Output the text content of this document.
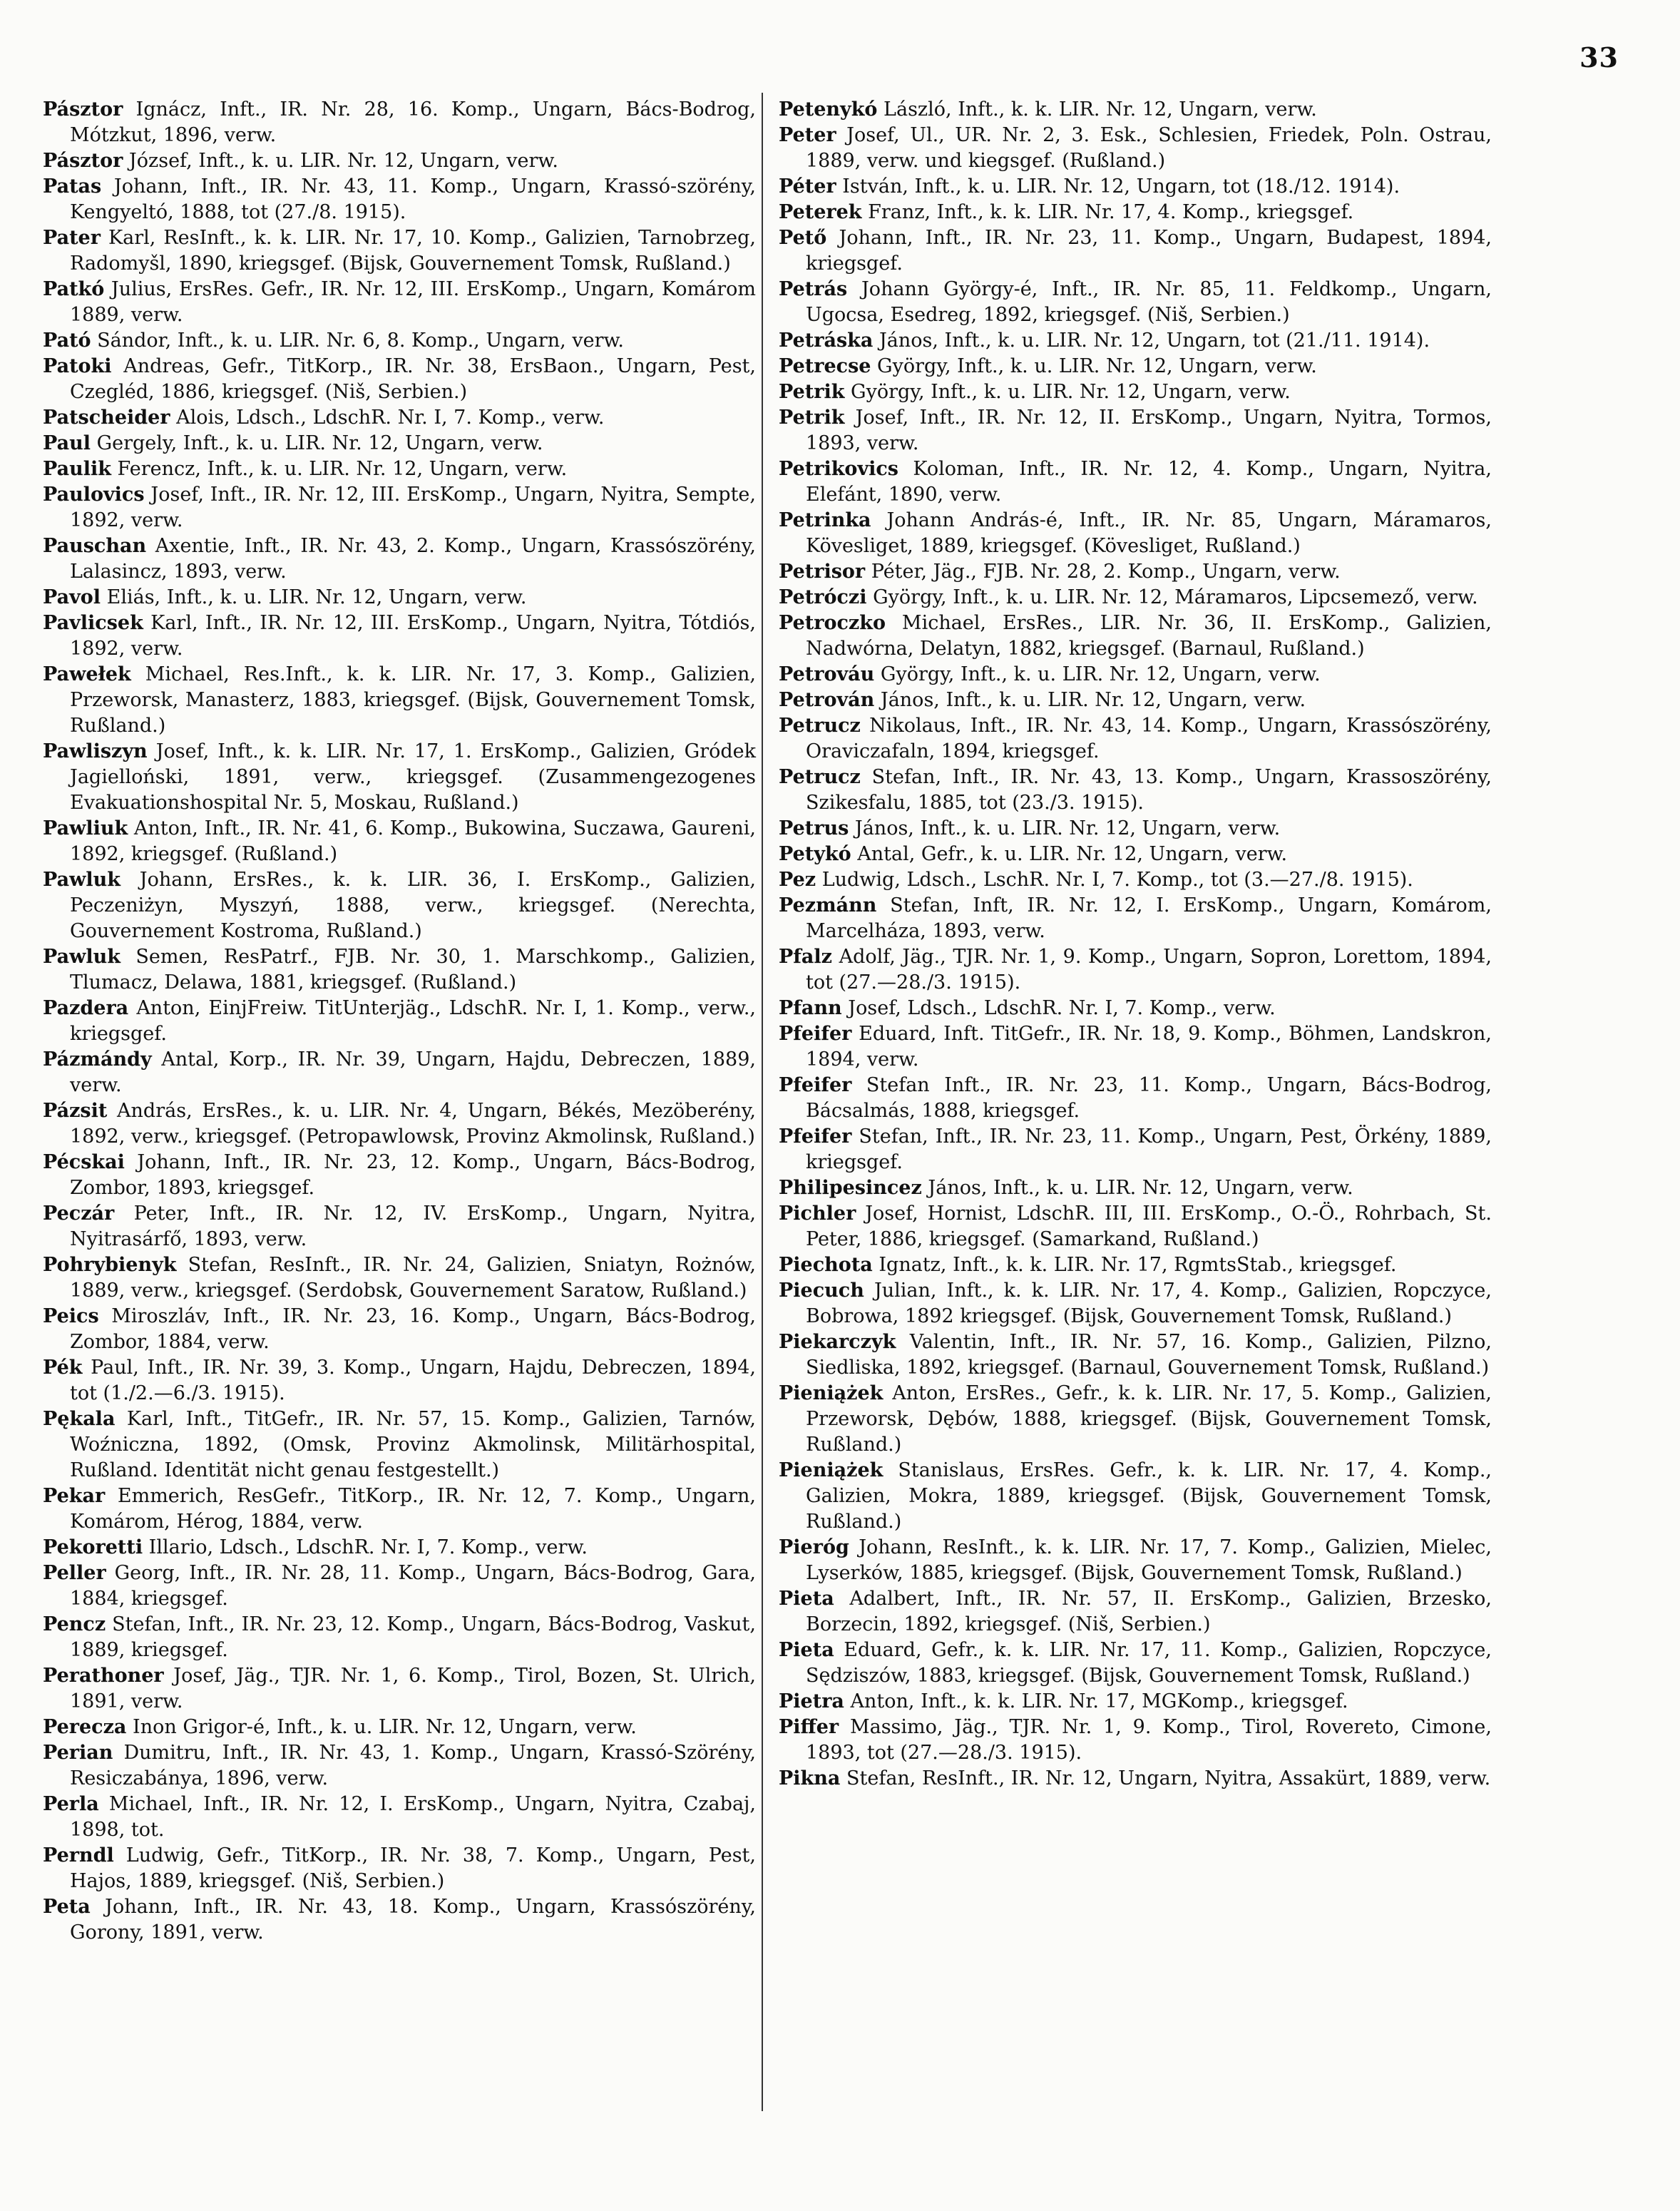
33
Pásztor Ignácz, Inft., IR. Nr. 28, 16. Komp., Ungarn, Bács-Bodrog, Mótzkut, 1896, verw.
Pásztor József, Inft., k. u. LIR. Nr. 12, Ungarn, verw.
Patas Johann, Inft., IR. Nr. 43, 11. Komp., Ungarn, Krassó-szörény, Kengyeltó, 1888, tot (27./8. 1915).
Pater Karl, ResInft., k. k. LIR. Nr. 17, 10. Komp., Galizien, Tarnobrzeg, Radomyšl, 1890, kriegsgef. (Bijsk, Gouvernement Tomsk, Rußland.)
Patkó Julius, ErsRes. Gefr., IR. Nr. 12, III. ErsKomp., Ungarn, Komárom 1889, verw.
Pató Sándor, Inft., k. u. LIR. Nr. 6, 8. Komp., Ungarn, verw.
Patoki Andreas, Gefr., TitKorp., IR. Nr. 38, ErsBaon., Ungarn, Pest, Czegléd, 1886, kriegsgef. (Niš, Serbien.)
Patscheider Alois, Ldsch., LdschR. Nr. I, 7. Komp., verw.
Paul Gergely, Inft., k. u. LIR. Nr. 12, Ungarn, verw.
Paulik Ferencz, Inft., k. u. LIR. Nr. 12, Ungarn, verw.
Paulovics Josef, Inft., IR. Nr. 12, III. ErsKomp., Ungarn, Nyitra, Sempte, 1892, verw.
Pauschan Axentie, Inft., IR. Nr. 43, 2. Komp., Ungarn, Krassószörény, Lalasincz, 1893, verw.
Pavol Eliás, Inft., k. u. LIR. Nr. 12, Ungarn, verw.
Pavlicsek Karl, Inft., IR. Nr. 12, III. ErsKomp., Ungarn, Nyitra, Tótdiós, 1892, verw.
Pawełek Michael, Res.Inft., k. k. LIR. Nr. 17, 3. Komp., Galizien, Przeworsk, Manasterz, 1883, kriegsgef. (Bijsk, Gouvernement Tomsk, Rußland.)
Pawliszyn Josef, Inft., k. k. LIR. Nr. 17, 1. ErsKomp., Galizien, Gródek Jagielloński, 1891, verw., kriegsgef. (Zusammengezogenes Evakuationshospital Nr. 5, Moskau, Rußland.)
Pawliuk Anton, Inft., IR. Nr. 41, 6. Komp., Bukowina, Suczawa, Gaureni, 1892, kriegsgef. (Rußland.)
Pawluk Johann, ErsRes., k. k. LIR. 36, I. ErsKomp., Galizien, Peczeniżyn, Myszyń, 1888, verw., kriegsgef. (Nerechta, Gouvernement Kostroma, Rußland.)
Pawluk Semen, ResPatrf., FJB. Nr. 30, 1. Marschkomp., Galizien, Tlumacz, Delawa, 1881, kriegsgef. (Rußland.)
Pazdera Anton, EinjFreiw. TitUnterjäg., LdschR. Nr. I, 1. Komp., verw., kriegsgef.
Pázmándy Antal, Korp., IR. Nr. 39, Ungarn, Hajdu, Debreczen, 1889, verw.
Pázsit András, ErsRes., k. u. LIR. Nr. 4, Ungarn, Békés, Mezöberény, 1892, verw., kriegsgef. (Petropawlowsk, Provinz Akmolinsk, Rußland.)
Pécskai Johann, Inft., IR. Nr. 23, 12. Komp., Ungarn, Bács-Bodrog, Zombor, 1893, kriegsgef.
Peczár Peter, Inft., IR. Nr. 12, IV. ErsKomp., Ungarn, Nyitra, Nyitrasárfő, 1893, verw.
Pohrybienyk Stefan, ResInft., IR. Nr. 24, Galizien, Sniatyn, Rożnów, 1889, verw., kriegsgef. (Serdobsk, Gouvernement Saratow, Rußland.)
Peics Miroszláv, Inft., IR. Nr. 23, 16. Komp., Ungarn, Bács-Bodrog, Zombor, 1884, verw.
Pék Paul, Inft., IR. Nr. 39, 3. Komp., Ungarn, Hajdu, Debreczen, 1894, tot (1./2.—6./3. 1915).
Pękala Karl, Inft., TitGefr., IR. Nr. 57, 15. Komp., Galizien, Tarnów, Woźniczna, 1892, (Omsk, Provinz Akmolinsk, Militärhospital, Rußland. Identität nicht genau festgestellt.)
Pekar Emmerich, ResGefr., TitKorp., IR. Nr. 12, 7. Komp., Ungarn, Komárom, Hérog, 1884, verw.
Pekoretti Illario, Ldsch., LdschR. Nr. I, 7. Komp., verw.
Peller Georg, Inft., IR. Nr. 28, 11. Komp., Ungarn, Bács-Bodrog, Gara, 1884, kriegsgef.
Pencz Stefan, Inft., IR. Nr. 23, 12. Komp., Ungarn, Bács-Bodrog, Vaskut, 1889, kriegsgef.
Perathoner Josef, Jäg., TJR. Nr. 1, 6. Komp., Tirol, Bozen, St. Ulrich, 1891, verw.
Perecza Inon Grigor-é, Inft., k. u. LIR. Nr. 12, Ungarn, verw.
Perian Dumitru, Inft., IR. Nr. 43, 1. Komp., Ungarn, Krassó-Szörény, Resiczabánya, 1896, verw.
Perla Michael, Inft., IR. Nr. 12, I. ErsKomp., Ungarn, Nyitra, Czabaj, 1898, tot.
Perndl Ludwig, Gefr., TitKorp., IR. Nr. 38, 7. Komp., Ungarn, Pest, Hajos, 1889, kriegsgef. (Niš, Serbien.)
Peta Johann, Inft., IR. Nr. 43, 18. Komp., Ungarn, Krassószörény, Gorony, 1891, verw.
Petenykó László, Inft., k. k. LIR. Nr. 12, Ungarn, verw.
Peter Josef, Ul., UR. Nr. 2, 3. Esk., Schlesien, Friedek, Poln. Ostrau, 1889, verw. und kiegsgef. (Rußland.)
Péter István, Inft., k. u. LIR. Nr. 12, Ungarn, tot (18./12. 1914).
Peterek Franz, Inft., k. k. LIR. Nr. 17, 4. Komp., kriegsgef.
Pető Johann, Inft., IR. Nr. 23, 11. Komp., Ungarn, Budapest, 1894, kriegsgef.
Petrás Johann György-é, Inft., IR. Nr. 85, 11. Feldkomp., Ungarn, Ugocsa, Esedreg, 1892, kriegsgef. (Niš, Serbien.)
Petráska János, Inft., k. u. LIR. Nr. 12, Ungarn, tot (21./11. 1914).
Petrecse György, Inft., k. u. LIR. Nr. 12, Ungarn, verw.
Petrik György, Inft., k. u. LIR. Nr. 12, Ungarn, verw.
Petrik Josef, Inft., IR. Nr. 12, II. ErsKomp., Ungarn, Nyitra, Tormos, 1893, verw.
Petrikovics Koloman, Inft., IR. Nr. 12, 4. Komp., Ungarn, Nyitra, Elefánt, 1890, verw.
Petrinka Johann András-é, Inft., IR. Nr. 85, Ungarn, Máramaros, Kövesliget, 1889, kriegsgef. (Kövesliget, Rußland.)
Petrisor Péter, Jäg., FJB. Nr. 28, 2. Komp., Ungarn, verw.
Petróczi György, Inft., k. u. LIR. Nr. 12, Máramaros, Lipcsemező, verw.
Petroczko Michael, ErsRes., LIR. Nr. 36, II. ErsKomp., Galizien, Nadwórna, Delatyn, 1882, kriegsgef. (Barnaul, Rußland.)
Petrováu György, Inft., k. u. LIR. Nr. 12, Ungarn, verw.
Petrován János, Inft., k. u. LIR. Nr. 12, Ungarn, verw.
Petrucz Nikolaus, Inft., IR. Nr. 43, 14. Komp., Ungarn, Krassószörény, Oraviczafaln, 1894, kriegsgef.
Petrucz Stefan, Inft., IR. Nr. 43, 13. Komp., Ungarn, Krassoszörény, Szikesfalu, 1885, tot (23./3. 1915).
Petrus János, Inft., k. u. LIR. Nr. 12, Ungarn, verw.
Petykó Antal, Gefr., k. u. LIR. Nr. 12, Ungarn, verw.
Pez Ludwig, Ldsch., LschR. Nr. I, 7. Komp., tot (3.—27./8. 1915).
Pezmánn Stefan, Inft, IR. Nr. 12, I. ErsKomp., Ungarn, Komárom, Marcelháza, 1893, verw.
Pfalz Adolf, Jäg., TJR. Nr. 1, 9. Komp., Ungarn, Sopron, Lorettom, 1894, tot (27.—28./3. 1915).
Pfann Josef, Ldsch., LdschR. Nr. I, 7. Komp., verw.
Pfeifer Eduard, Inft. TitGefr., IR. Nr. 18, 9. Komp., Böhmen, Landskron, 1894, verw.
Pfeifer Stefan Inft., IR. Nr. 23, 11. Komp., Ungarn, Bács-Bodrog, Bácsalmás, 1888, kriegsgef.
Pfeifer Stefan, Inft., IR. Nr. 23, 11. Komp., Ungarn, Pest, Örkény, 1889, kriegsgef.
Philipesincez János, Inft., k. u. LIR. Nr. 12, Ungarn, verw.
Pichler Josef, Hornist, LdschR. III, III. ErsKomp., O.-Ö., Rohrbach, St. Peter, 1886, kriegsgef. (Samarkand, Rußland.)
Piechota Ignatz, Inft., k. k. LIR. Nr. 17, RgmtsStab., kriegsgef.
Piecuch Julian, Inft., k. k. LIR. Nr. 17, 4. Komp., Galizien, Ropczyce, Bobrowa, 1892 kriegsgef. (Bijsk, Gouvernement Tomsk, Rußland.)
Piekarczyk Valentin, Inft., IR. Nr. 57, 16. Komp., Galizien, Pilzno, Siedliska, 1892, kriegsgef. (Barnaul, Gouvernement Tomsk, Rußland.)
Pieniążek Anton, ErsRes., Gefr., k. k. LIR. Nr. 17, 5. Komp., Galizien, Przeworsk, Dębów, 1888, kriegsgef. (Bijsk, Gouvernement Tomsk, Rußland.)
Pieniążek Stanislaus, ErsRes. Gefr., k. k. LIR. Nr. 17, 4. Komp., Galizien, Mokra, 1889, kriegsgef. (Bijsk, Gouvernement Tomsk, Rußland.)
Pieróg Johann, ResInft., k. k. LIR. Nr. 17, 7. Komp., Galizien, Mielec, Lyserków, 1885, kriegsgef. (Bijsk, Gouvernement Tomsk, Rußland.)
Pieta Adalbert, Inft., IR. Nr. 57, II. ErsKomp., Galizien, Brzesko, Borzecin, 1892, kriegsgef. (Niš, Serbien.)
Pieta Eduard, Gefr., k. k. LIR. Nr. 17, 11. Komp., Galizien, Ropczyce, Sędziszów, 1883, kriegsgef. (Bijsk, Gouvernement Tomsk, Rußland.)
Pietra Anton, Inft., k. k. LIR. Nr. 17, MGKomp., kriegsgef.
Piffer Massimo, Jäg., TJR. Nr. 1, 9. Komp., Tirol, Rovereto, Cimone, 1893, tot (27.—28./3. 1915).
Pikna Stefan, ResInft., IR. Nr. 12, Ungarn, Nyitra, Assakürt, 1889, verw.
